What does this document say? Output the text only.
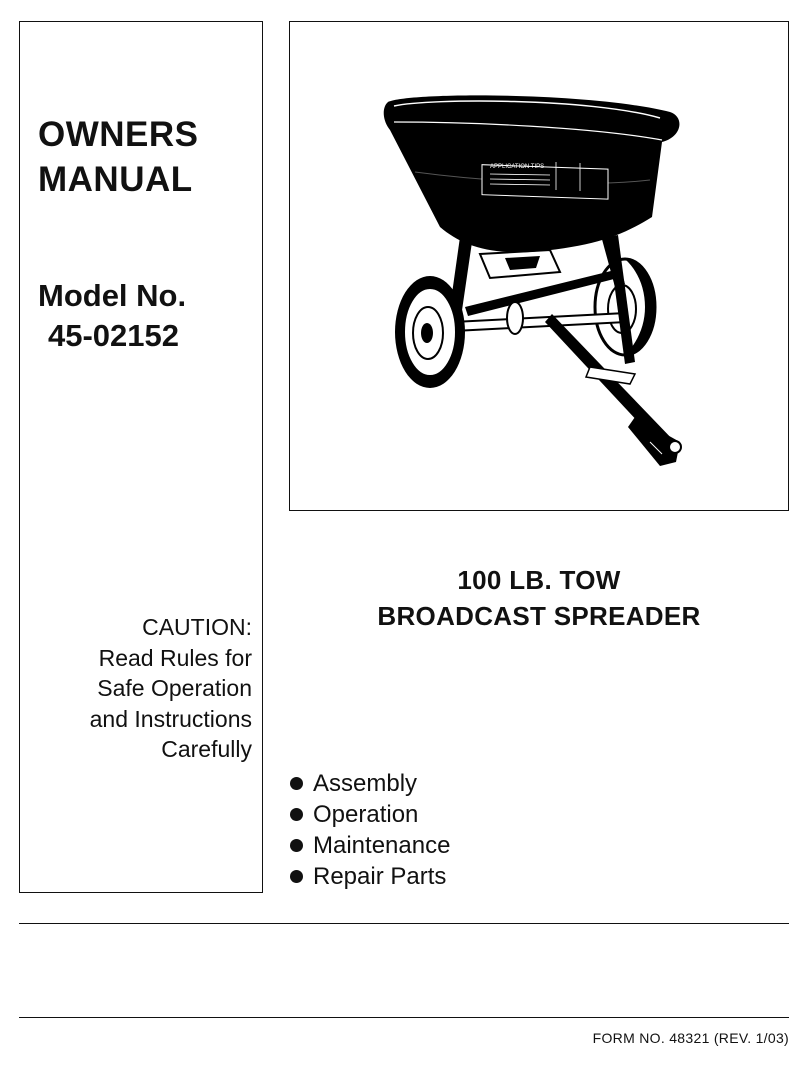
OWNERS
MANUAL
Model No.
45-02152
CAUTION:
Read Rules for
Safe Operation
and Instructions
Carefully
APPLICATION TIPS
100 LB. TOW
BROADCAST SPREADER
Assembly
Operation
Maintenance
Repair Parts
FORM NO. 48321 (REV. 1/03)
